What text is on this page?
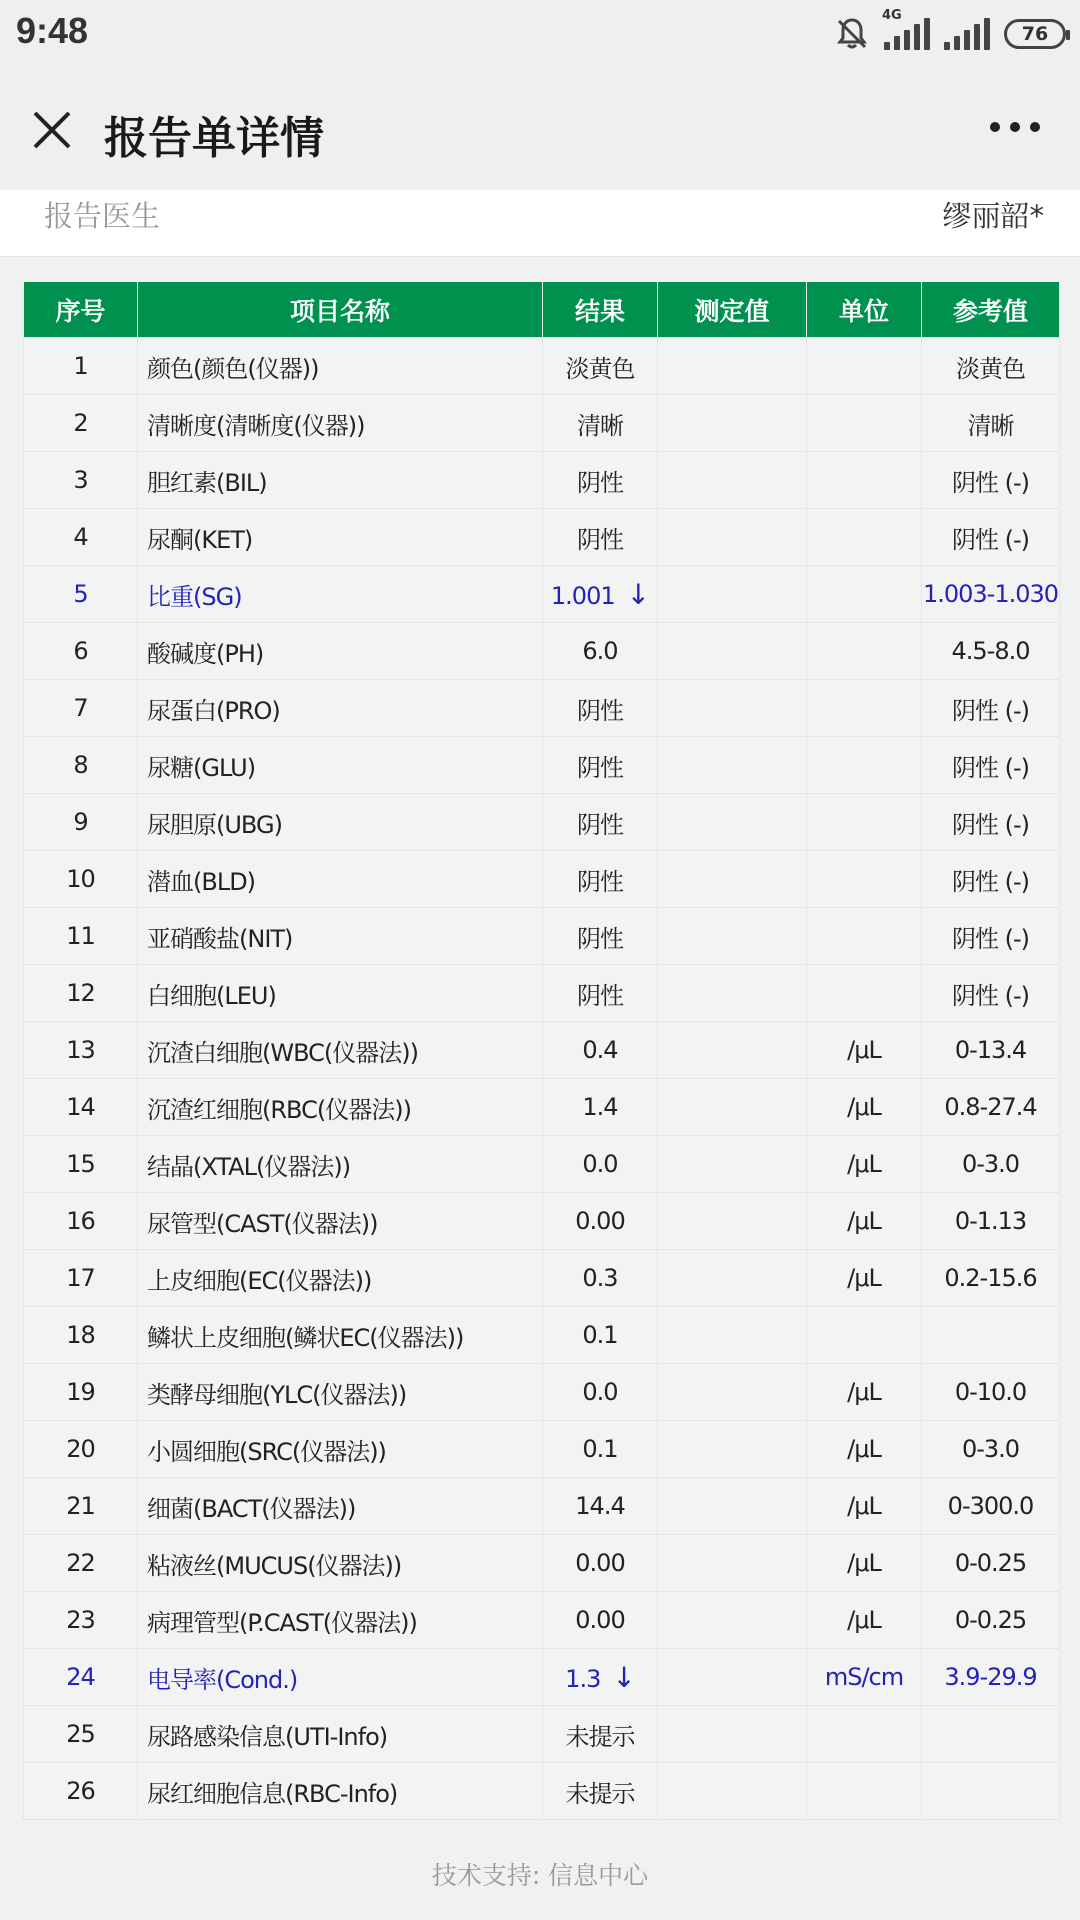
9:48	4G
76
报告单详情
报告医生	缪丽韶*
序号	项目名称	结果	测定值	单位	参考值
1	颜色(颜色(仪器))	淡黄色			淡黄色
2	清晰度(清晰度(仪器))	清晰			清晰
3	胆红素(BIL)	阴性			阴性 (-)
4	尿酮(KET)	阴性			阴性 (-)
5	比重(SG)	1.001 ↓			1.003-1.030
6	酸碱度(PH)	6.0			4.5-8.0
7	尿蛋白(PRO)	阴性			阴性 (-)
8	尿糖(GLU)	阴性			阴性 (-)
9	尿胆原(UBG)	阴性			阴性 (-)
10	潜血(BLD)	阴性			阴性 (-)
11	亚硝酸盐(NIT)	阴性			阴性 (-)
12	白细胞(LEU)	阴性			阴性 (-)
13	沉渣白细胞(WBC(仪器法))	0.4		/μL	0-13.4
14	沉渣红细胞(RBC(仪器法))	1.4		/μL	0.8-27.4
15	结晶(XTAL(仪器法))	0.0		/μL	0-3.0
16	尿管型(CAST(仪器法))	0.00		/μL	0-1.13
17	上皮细胞(EC(仪器法))	0.3		/μL	0.2-15.6
18	鳞状上皮细胞(鳞状EC(仪器法))	0.1			
19	类酵母细胞(YLC(仪器法))	0.0		/μL	0-10.0
20	小圆细胞(SRC(仪器法))	0.1		/μL	0-3.0
21	细菌(BACT(仪器法))	14.4		/μL	0-300.0
22	粘液丝(MUCUS(仪器法))	0.00		/μL	0-0.25
23	病理管型(P.CAST(仪器法))	0.00		/μL	0-0.25
24	电导率(Cond.)	1.3 ↓		mS/cm	3.9-29.9
25	尿路感染信息(UTI-Info)	未提示			
26	尿红细胞信息(RBC-Info)	未提示			
技术支持: 信息中心
